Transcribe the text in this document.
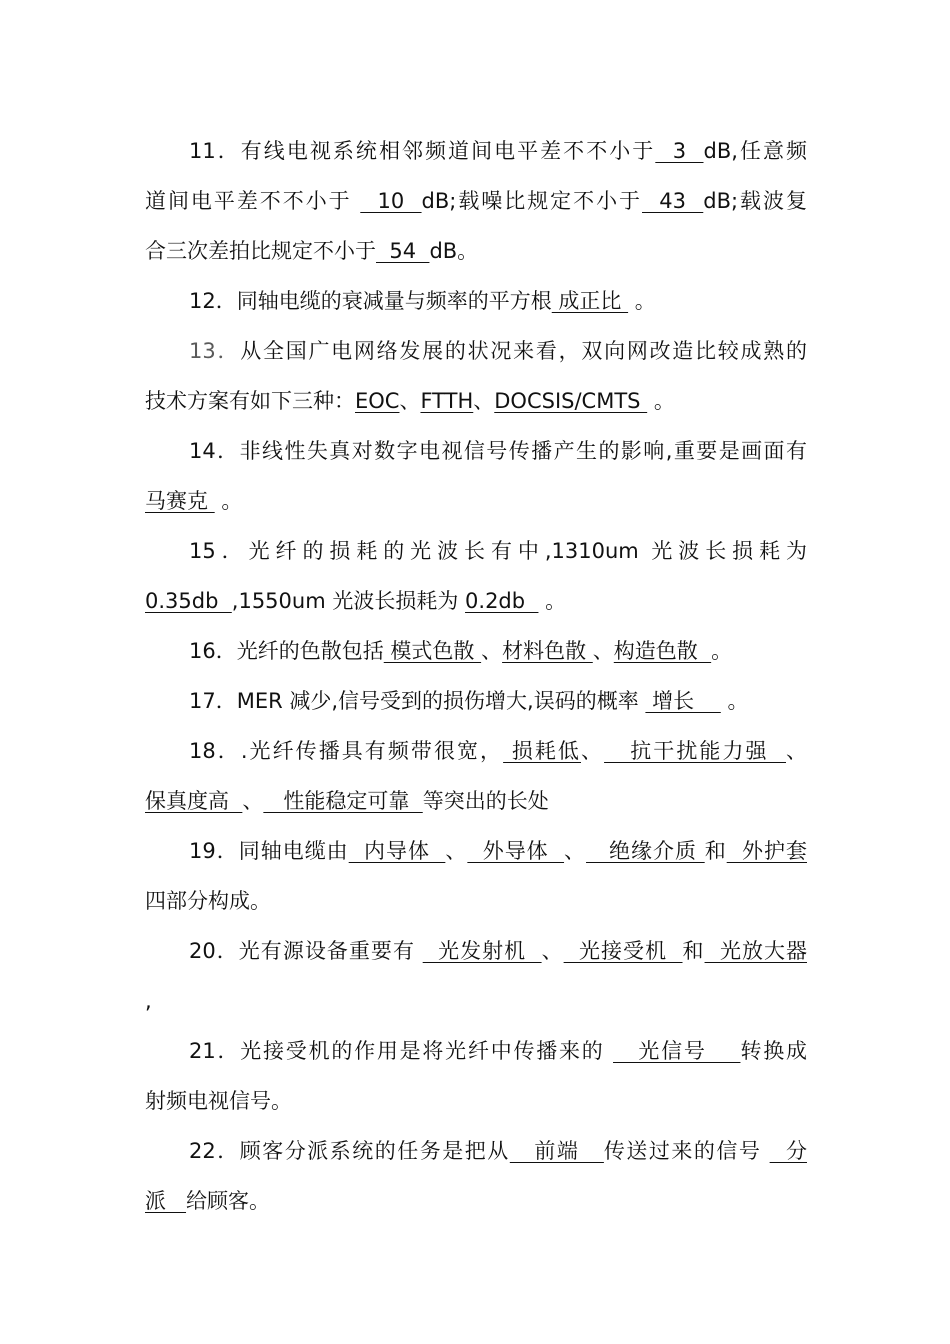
11．有线电视系统相邻频道间电平差不不小于  3  dB,任意频
道间电平差不不小于   10  dB;载噪比规定不小于  43  dB;载波复
合三次差拍比规定不小于  54  dB。
12．同轴电缆的衰减量与频率的平方根 成正比  。
13．从全国广电网络发展的状况来看，双向网改造比较成熟的
技术方案有如下三种：EOC、FTTH、DOCSIS/CMTS  。
14．非线性失真对数字电视信号传播产生的影响,重要是画面有
马赛克  。
15．光纤的损耗的光波长有中,1310um 光波长损耗为
0.35db  ,1550um 光波长损耗为 0.2db   。
16．光纤的色散包括 模式色散 、材料色散 、构造色散  。
17．MER 减少,信号受到的损伤增大,误码的概率  增长     。
18．.光纤传播具有频带很宽， 损耗低、   抗干扰能力强  、
保真度高  、   性能稳定可靠  等突出的长处
19．同轴电缆由  内导体  、  外导体  、   绝缘介质 和  外护套
四部分构成。
20．光有源设备重要有   光发射机  、  光接受机  和  光放大器
,
21．光接受机的作用是将光纤中传播来的    光信号    转换成
射频电视信号。
22．顾客分派系统的任务是把从   前端   传送过来的信号   分
派   给顾客。
